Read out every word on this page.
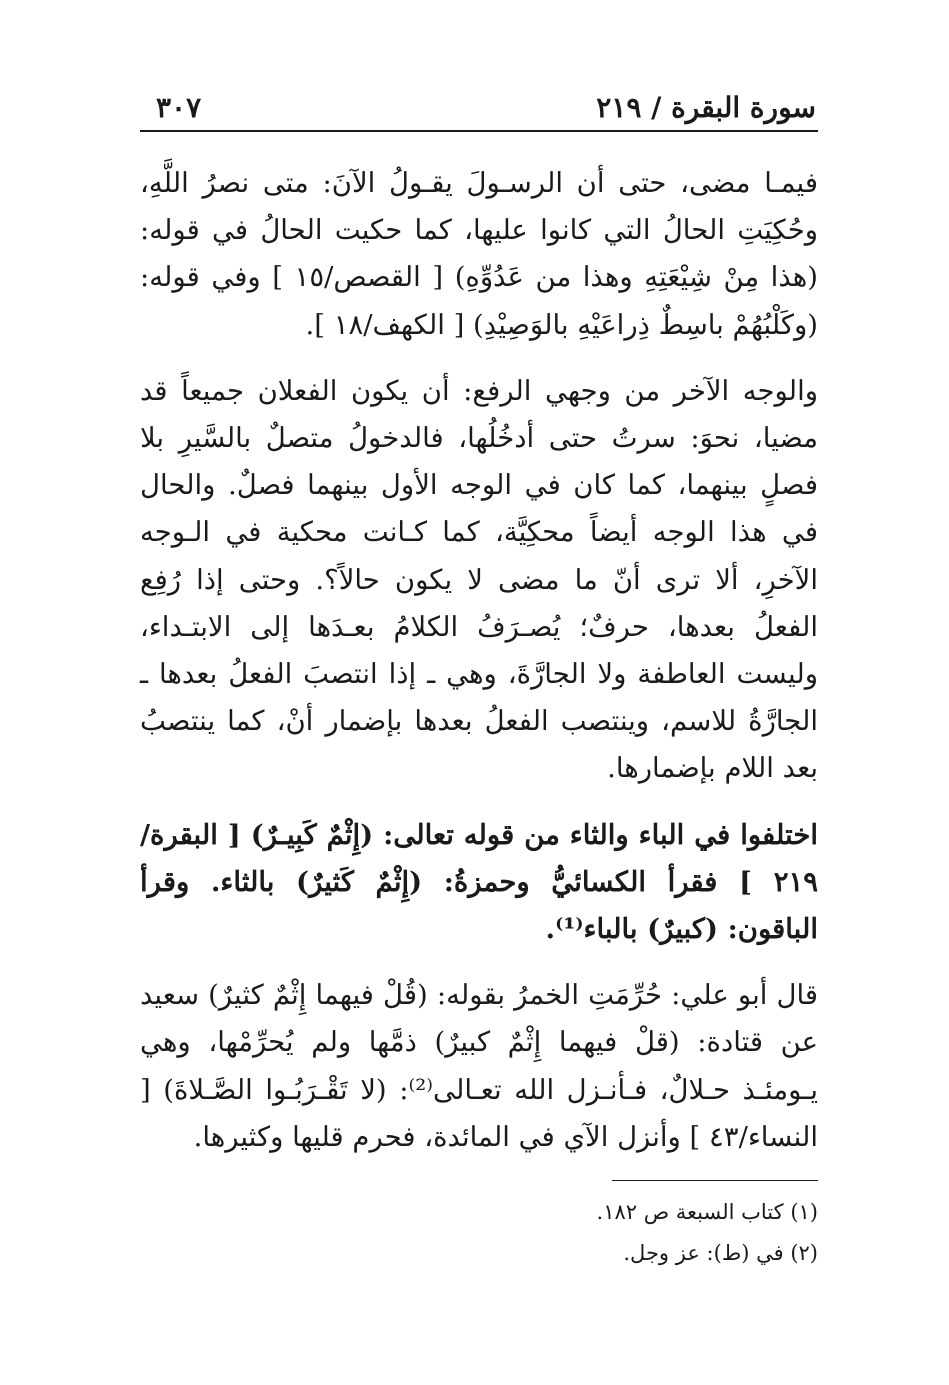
سورة البقرة / ٢١٩
٣٠٧

فيمـا مضى، حتى أن الرسـولَ يقـولُ الآنَ: متى نصرُ اللَّهِ، وحُكِيَتِ الحالُ التي كانوا عليها، كما حكيت الحالُ في قوله: (هذا مِنْ شِيْعَتِهِ وهذا من عَدُوِّهِ) [ القصص/١٥ ] وفي قوله: (وكَلْبُهُمْ باسِطٌ ذِراعَيْهِ بالوَصِيْدِ) [ الكهف/١٨ ].

والوجه الآخر من وجهي الرفع: أن يكون الفعلان جميعاً قد مضيا، نحوَ: سرتُ حتى أدخُلُها، فالدخولُ متصلٌ بالسَّيرِ بلا فصلٍ بينهما، كما كان في الوجه الأول بينهما فصلٌ. والحال في هذا الوجه أيضاً محكِيَّة، كما كـانت محكية في الـوجه الآخرِ، ألا ترى أنّ ما مضى لا يكون حالاً؟. وحتى إذا رُفِع الفعلُ بعدها، حرفٌ؛ يُصـرَفُ الكلامُ بعـدَها إلى الابتـداء، وليست العاطفة ولا الجارَّةَ، وهي ـ إذا انتصبَ الفعلُ بعدها ـ الجارَّةُ للاسم، وينتصب الفعلُ بعدها بإضمار أنْ، كما ينتصبُ بعد اللام بإضمارها.

اختلفوا في الباء والثاء من قوله تعالى: (إِثْمٌ كَبِيـرٌ) [ البقرة/ ٢١٩ ] فقرأ الكسائيُّ وحمزةُ: (إِثْمٌ كَثيرٌ) بالثاء. وقرأ الباقون: (كبيرٌ) بالباء⁽¹⁾.

قال أبو علي: حُرِّمَتِ الخمرُ بقوله: (قُلْ فيهما إِثْمٌ كثيرٌ) سعيد عن قتادة: (قلْ فيهما إِثْمٌ كبيرٌ) ذمَّها ولم يُحرِّمْها، وهي يـومئـذ حـلالٌ، فـأنـزل الله تعـالى⁽²⁾: (لا تَقْـرَبُـوا الصَّـلاةَ) [ النساء/٤٣ ] وأنزل الآي في المائدة، فحرم قليها وكثيرها.

(١) كتاب السبعة ص ١٨٢.
(٢) في (ط): عز وجل.
